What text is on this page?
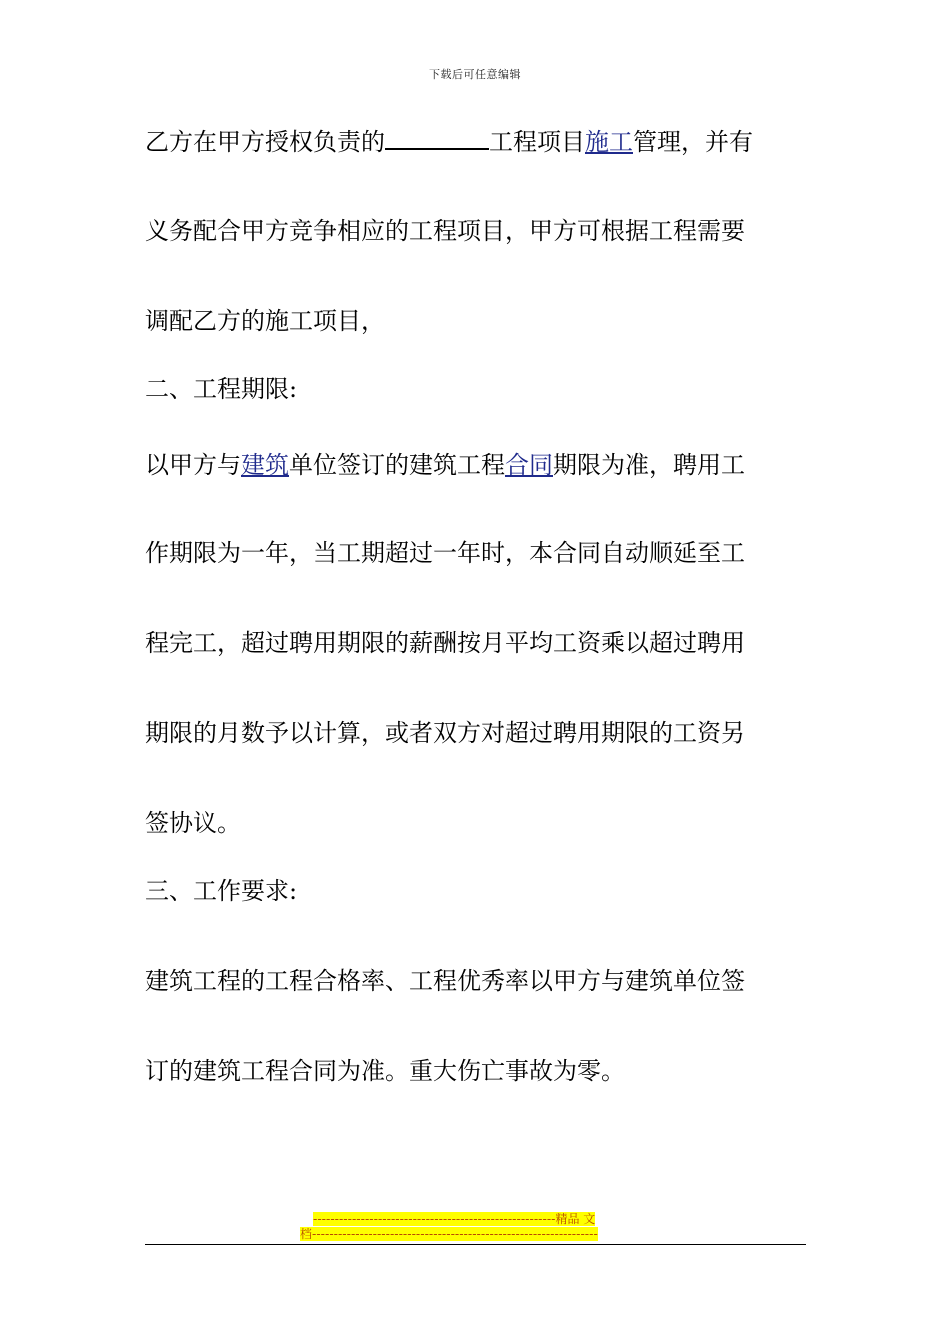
下载后可任意编辑
乙方在甲方授权负责的	工程项目施工管理，并有
义务配合甲方竞争相应的工程项目，甲方可根据工程需要
调配乙方的施工项目，
二、工程期限:
以甲方与建筑单位签订的建筑工程合同期限为准，聘用工
作期限为一年，当工期超过一年时，本合同自动顺延至工
程完工，超过聘用期限的薪酬按月平均工资乘以超过聘用
期限的月数予以计算，或者双方对超过聘用期限的工资另
签协议。
三、工作要求:
建筑工程的工程合格率、工程优秀率以甲方与建筑单位签
订的建筑工程合同为准。重大伤亡事故为零。
--------------------------------------------------------精品 文
档------------------------------------------------------------------
